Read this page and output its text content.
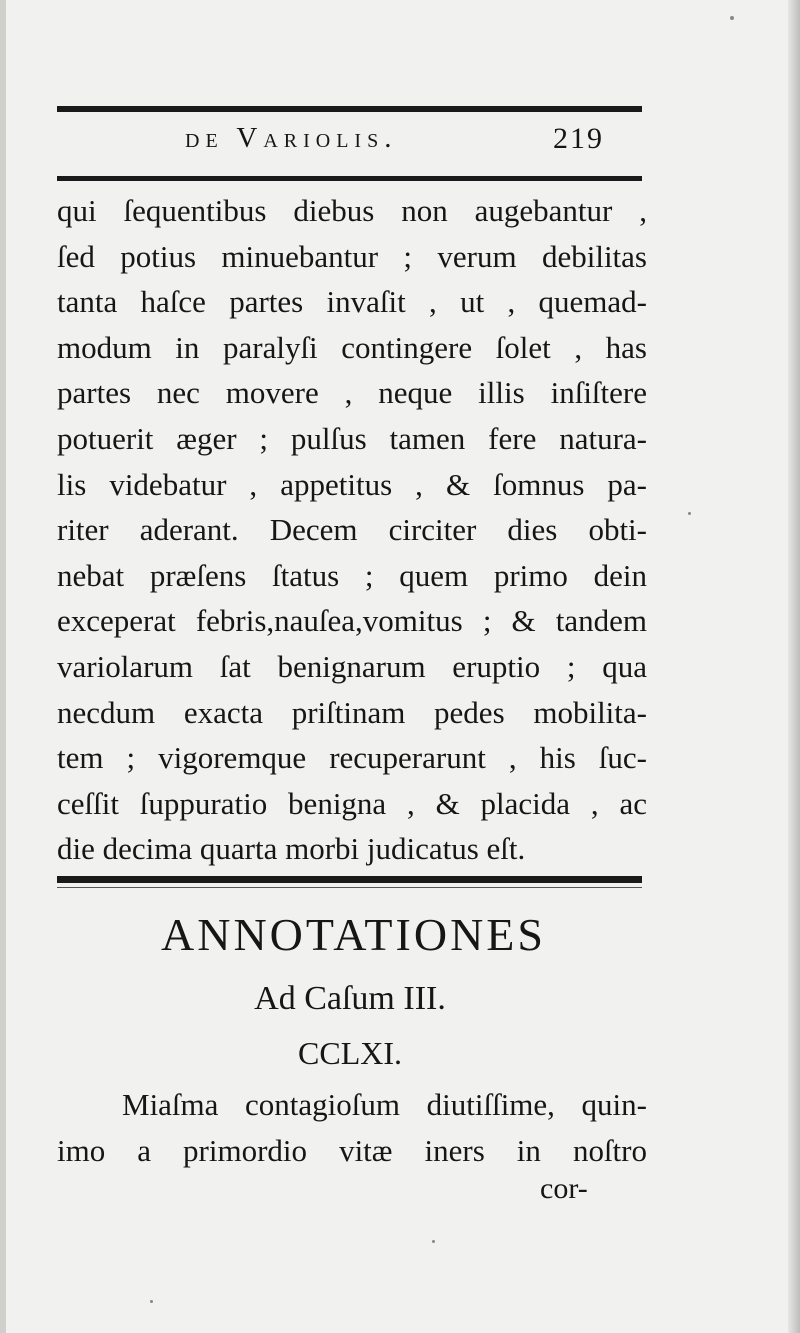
de Variolis.	219
qui ſequentibus diebus non augebantur ,
ſed potius minuebantur ; verum debilitas
tanta haſce partes invaſit , ut , quemad-
modum in paralyſi contingere ſolet , has
partes nec movere , neque illis inſiſtere
potuerit æger ; pulſus tamen fere natura-
lis videbatur , appetitus , & ſomnus pa-
riter aderant. Decem circiter dies obti-
nebat præſens ſtatus ; quem primo dein
exceperat febris,nauſea,vomitus ; & tandem
variolarum ſat benignarum eruptio ; qua
necdum exacta priſtinam pedes mobilita-
tem ; vigoremque recuperarunt , his ſuc-
ceſſit ſuppuratio benigna , & placida , ac
die decima quarta morbi judicatus eſt.
ANNOTATIONES
Ad Caſum III.
CCLXI.
Miaſma contagioſum diutiſſime, quin-
imo a primordio vitæ iners in noſtro
cor-
